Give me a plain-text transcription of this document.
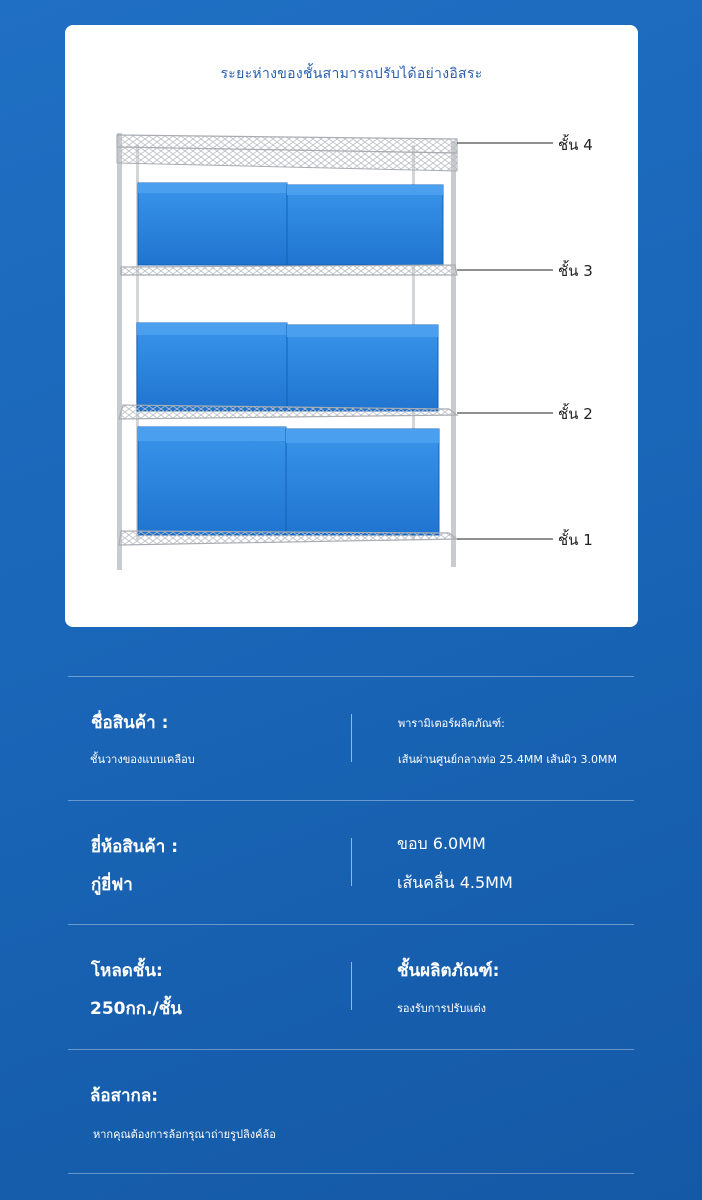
ระยะห่างของชั้นสามารถปรับได้อย่างอิสระ
ชั้น 4
ชั้น 3
ชั้น 2
ชั้น 1
ชื่อสินค้า :
ชั้นวางของแบบเคลือบ
พารามิเตอร์ผลิตภัณฑ์:
เส้นผ่านศูนย์กลางท่อ 25.4MM เส้นผิว 3.0MM
ยี่ห้อสินค้า :
กู่ยี่ฟา
ขอบ 6.0MM
เส้นคลื่น 4.5MM
โหลดชั้น:
250กก./ชั้น
ชั้นผลิตภัณฑ์:
รองรับการปรับแต่ง
ล้อสากล:
หากคุณต้องการล้อกรุณาถ่ายรูปลิงค์ล้อ
